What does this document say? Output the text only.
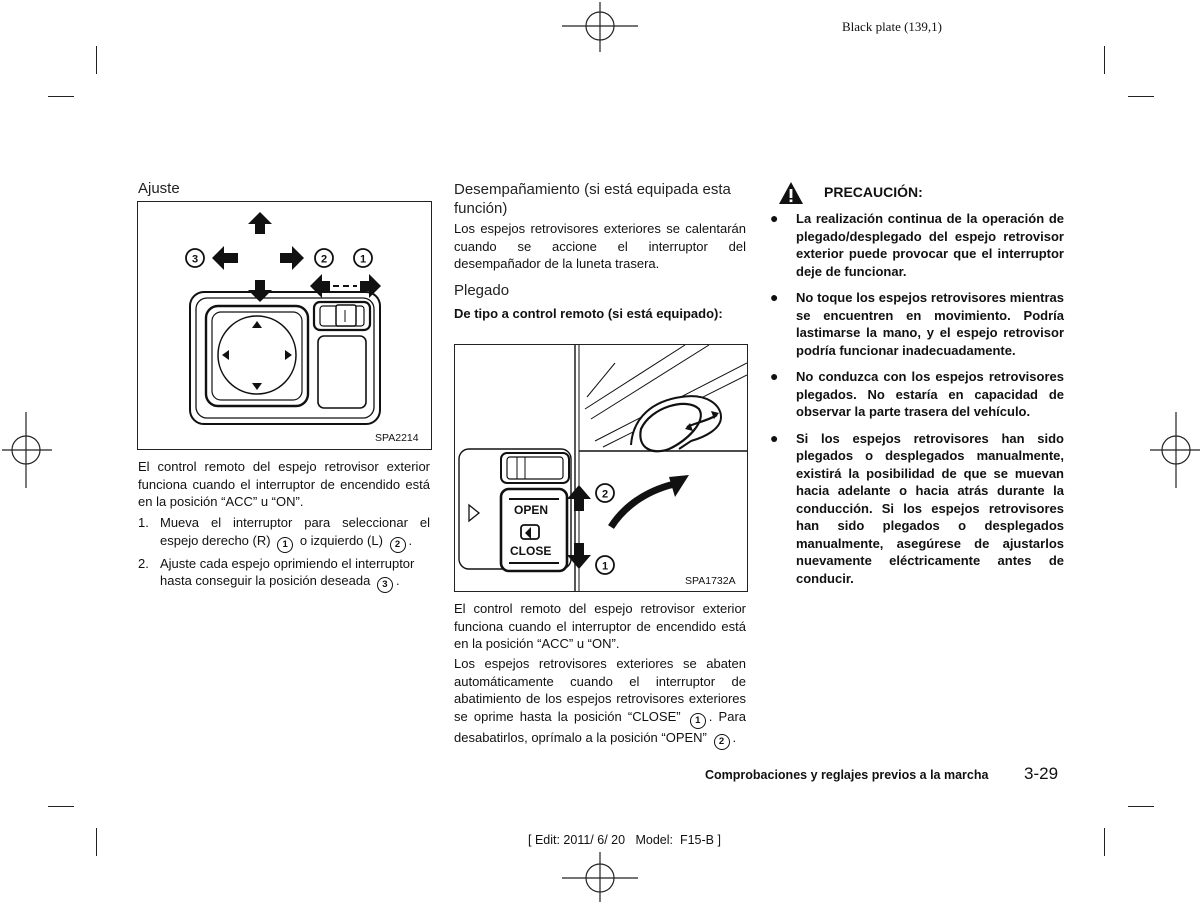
Black plate (139,1)
Ajuste
3	2	1
SPA2214
El control remoto del espejo retrovisor exterior funciona cuando el interruptor de encendido está en la posición “ACC” u “ON”.
1. Mueva el interruptor para seleccionar el espejo derecho (R) 1 o izquierdo (L) 2 .
2. Ajuste cada espejo oprimiendo el interruptor hasta conseguir la posición deseada 3 .
Desempañamiento (si está equipada esta función)
Los espejos retrovisores exteriores se calentarán cuando se accione el interruptor del desempañador de la luneta trasera.
Plegado
De tipo a control remoto (si está equipado):
2
1
OPEN
CLOSE
SPA1732A
El control remoto del espejo retrovisor exterior funciona cuando el interruptor de encendido está en la posición “ACC” u “ON”.
Los espejos retrovisores exteriores se abaten automáticamente cuando el interruptor de abatimiento de los espejos retrovisores exteriores se oprime hasta la posición “CLOSE” 1 . Para desabatirlos, oprímalo a la posición “OPEN” 2 .
PRECAUCIÓN:
●	La realización continua de la operación de plegado/desplegado del espejo retrovisor exterior puede provocar que el interruptor deje de funcionar.
●	No toque los espejos retrovisores mientras se encuentren en movimiento. Podría lastimarse la mano, y el espejo retrovisor podría funcionar inadecuadamente.
●	No conduzca con los espejos retrovisores plegados. No estaría en capacidad de observar la parte trasera del vehículo.
●	Si los espejos retrovisores han sido plegados o desplegados manualmente, existirá la posibilidad de que se muevan hacia adelante o hacia atrás durante la conducción. Si los espejos retrovisores han sido plegados o desplegados manualmente, asegúrese de ajustarlos nuevamente eléctricamente antes de conducir.
Comprobaciones y reglajes previos a la marcha 3-29
[ Edit: 2011/ 6/ 20   Model:  F15-B ]
